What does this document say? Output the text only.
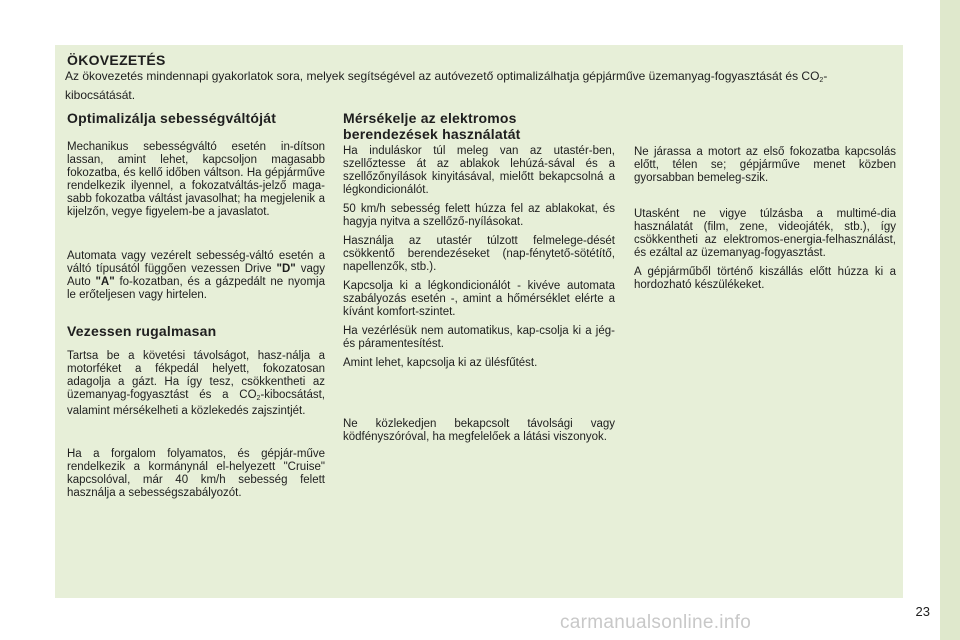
ÖKOVEZETÉS

Az ökovezetés mindennapi gyakorlatok sora, melyek segítségével az autóvezető optimalizálhatja gépjárműve üzemanyag-fogyasztását és $CO_2$-kibocsátását.

Optimalizálja sebességváltóját

Mechanikus sebességváltó esetén in-dítson lassan, amint lehet, kapcsoljon magasabb fokozatba, és kellő időben váltson. Ha gépjárműve rendelkezik ilyennel, a fokozatváltás-jelző maga-sabb fokozatba váltást javasolhat; ha megjelenik a kijelzőn, vegye figyelem-be a javaslatot.

Automata vagy vezérelt sebesség-váltó esetén a váltó típusától függően vezessen Drive "D" vagy Auto "A" fo-kozatban, és a gázpedált ne nyomja le erőteljesen vagy hirtelen.

Vezessen rugalmasan

Tartsa be a követési távolságot, hasz-nálja a motorféket a fékpedál helyett, fokozatosan adagolja a gázt. Ha így tesz, csökkentheti az üzemanyag-fogyasztást és a $CO_2$-kibocsátást, valamint mérsékelheti a közlekedés zajszintjét.

Ha a forgalom folyamatos, és gépjár-műve rendelkezik a kormánynál el-helyezett "Cruise" kapcsolóval, már 40 km/h sebesség felett használja a sebességszabályozót.

Mérsékelje az elektromos berendezések használatát

Ha induláskor túl meleg van az utastér-ben, szellőztesse át az ablakok lehúzá-sával és a szellőzőnyílások kinyitásával, mielőtt bekapcsolná a légkondicionálót.

50 km/h sebesség felett húzza fel az ablakokat, és hagyja nyitva a szellőző-nyílásokat.

Használja az utastér túlzott felmelege-dését csökkentő berendezéseket (nap-fénytető-sötétítő, napellenzők, stb.).

Kapcsolja ki a légkondicionálót - kivéve automata szabályozás esetén -, amint a hőmérséklet elérte a kívánt komfort-szintet.

Ha vezérlésük nem automatikus, kap-csolja ki a jég- és páramentesítést.

Amint lehet, kapcsolja ki az ülésfűtést.

Ne közlekedjen bekapcsolt távolsági vagy ködfényszóróval, ha megfelelőek a látási viszonyok.

Ne járassa a motort az első fokozatba kapcsolás előtt, télen se; gépjárműve menet közben gyorsabban bemeleg-szik.

Utasként ne vigye túlzásba a multimé-dia használatát (film, zene, videojáték, stb.), így csökkentheti az elektromos-energia-felhasználást, és ezáltal az üzemanyag-fogyasztást.

A gépjárműből történő kiszállás előtt húzza ki a hordozható készülékeket.

23

carmanualsonline.info
